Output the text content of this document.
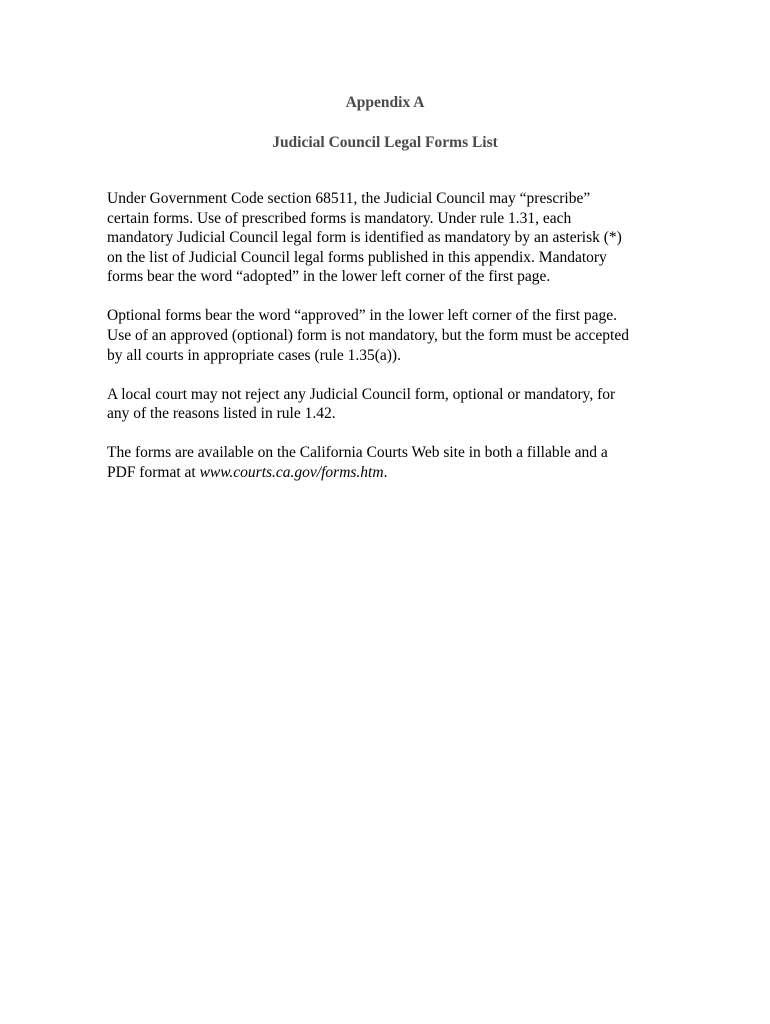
Appendix A
Judicial Council Legal Forms List

Under Government Code section 68511, the Judicial Council may “prescribe”
certain forms. Use of prescribed forms is mandatory. Under rule 1.31, each
mandatory Judicial Council legal form is identified as mandatory by an asterisk (*)
on the list of Judicial Council legal forms published in this appendix. Mandatory
forms bear the word “adopted” in the lower left corner of the first page.

Optional forms bear the word “approved” in the lower left corner of the first page.
Use of an approved (optional) form is not mandatory, but the form must be accepted
by all courts in appropriate cases (rule 1.35(a)).

A local court may not reject any Judicial Council form, optional or mandatory, for
any of the reasons listed in rule 1.42.

The forms are available on the California Courts Web site in both a fillable and a
PDF format at www.courts.ca.gov/forms.htm.
